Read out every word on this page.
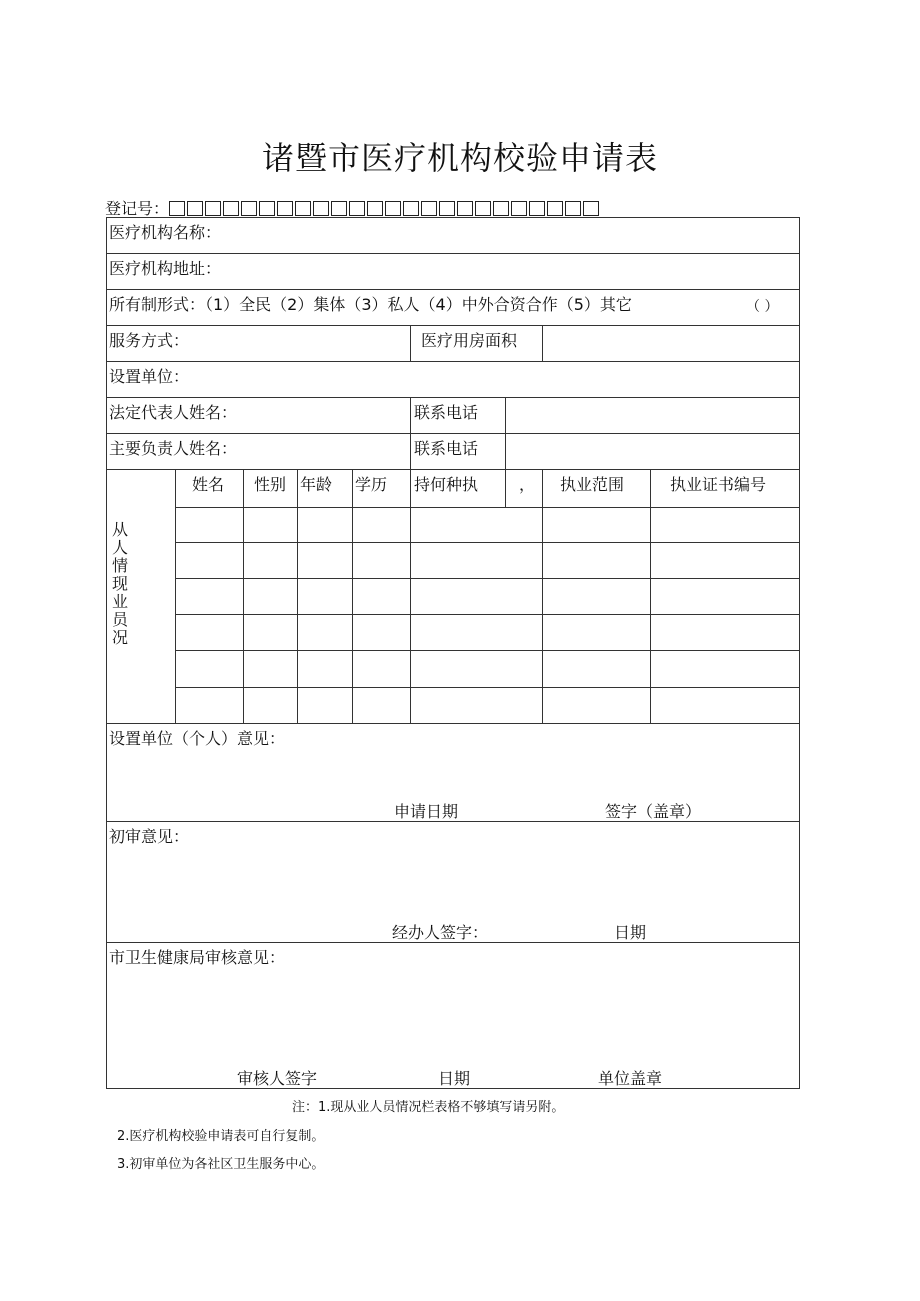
诸暨市医疗机构校验申请表
登记号：
医疗机构名称：
医疗机构地址：
所有制形式：（1）全民（2）集体（3）私人（4）中外合资合作（5）其它	（ ）
服务方式：	医疗用房面积
设置单位：
法定代表人姓名：	联系电话
主要负责人姓名：	联系电话
从
人
情
现
业
员
况
姓名 性别 年龄 学历 持何种执	， 执业范围	执业证书编号
设置单位（个人）意见：
申请日期	签字（盖章）
初审意见：
经办人签字：	日期
市卫生健康局审核意见：
审核人签字	日期	单位盖章
注：1.现从业人员情况栏表格不够填写请另附。
2.医疗机构校验申请表可自行复制。
3.初审单位为各社区卫生服务中心。
